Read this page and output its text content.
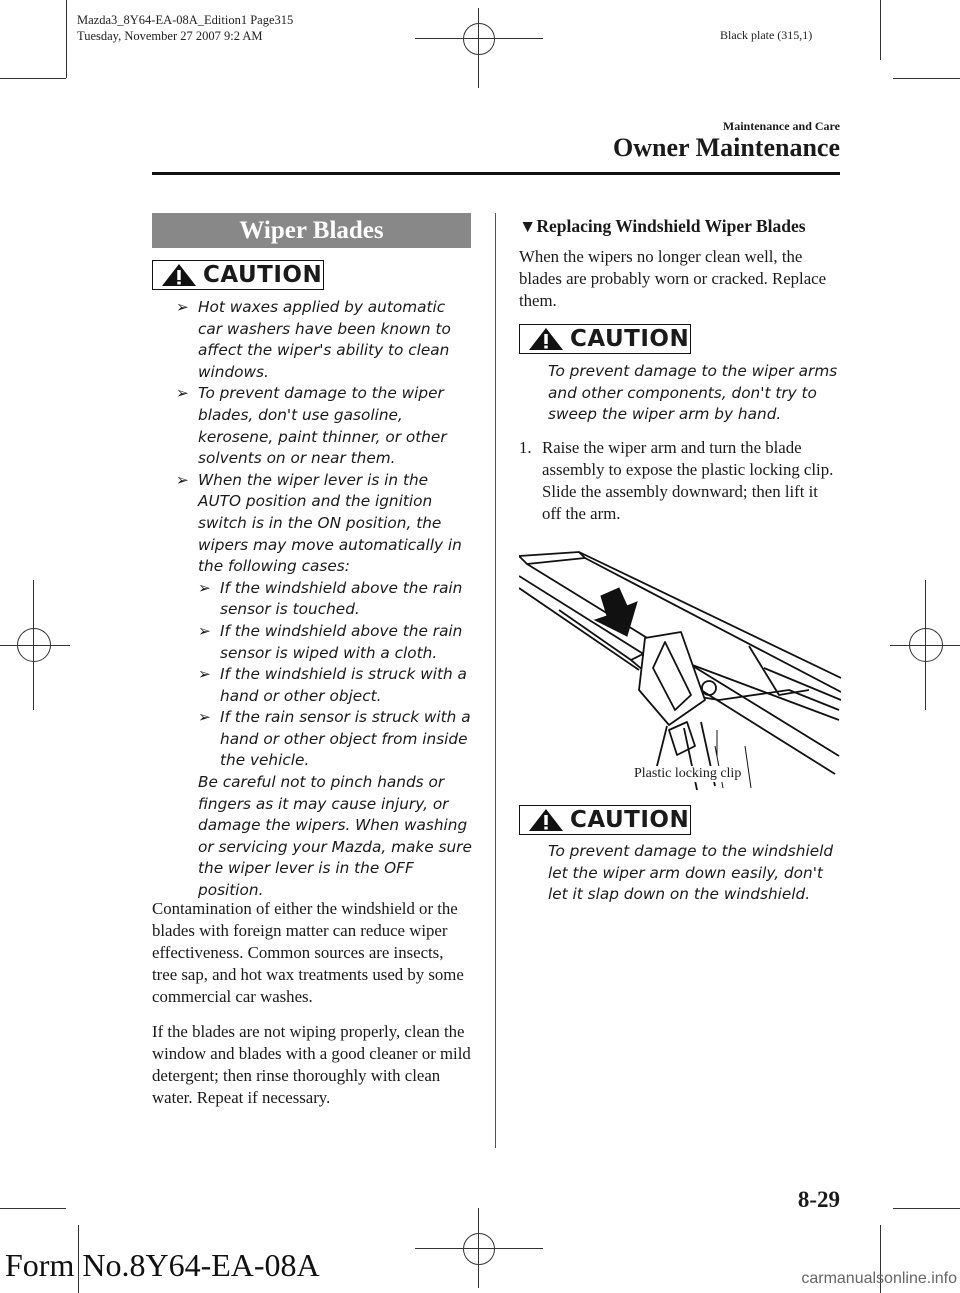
Mazda3_8Y64-EA-08A_Edition1 Page315
Tuesday, November 27 2007 9:2 AM	Black plate (315,1)
Maintenance and Care
Owner Maintenance
Wiper Blades
CAUTION

➢ Hot waxes applied by automatic car washers have been known to affect the wiper's ability to clean windows.

➢ To prevent damage to the wiper blades, don't use gasoline, kerosene, paint thinner, or other solvents on or near them.

➢ When the wiper lever is in the AUTO position and the ignition switch is in the ON position, the wipers may move automatically in the following cases:

➢ If the windshield above the rain sensor is touched.

➢ If the windshield above the rain sensor is wiped with a cloth.

➢ If the windshield is struck with a hand or other object.

➢ If the rain sensor is struck with a hand or other object from inside the vehicle.

Be careful not to pinch hands or fingers as it may cause injury, or damage the wipers. When washing or servicing your Mazda, make sure the wiper lever is in the OFF position.

Contamination of either the windshield or the blades with foreign matter can reduce wiper effectiveness. Common sources are insects, tree sap, and hot wax treatments used by some commercial car washes.
If the blades are not wiping properly, clean the window and blades with a good cleaner or mild detergent; then rinse thoroughly with clean water. Repeat if necessary.
▼Replacing Windshield Wiper Blades
When the wipers no longer clean well, the blades are probably worn or cracked. Replace them.
CAUTION
To prevent damage to the wiper arms and other components, don't try to sweep the wiper arm by hand.
1. Raise the wiper arm and turn the blade assembly to expose the plastic locking clip.
Slide the assembly downward; then lift it off the arm.
Plastic locking clip
CAUTION
To prevent damage to the windshield let the wiper arm down easily, don't let it slap down on the windshield.
8-29
Form No.8Y64-EA-08A	carmanualsonline.info
